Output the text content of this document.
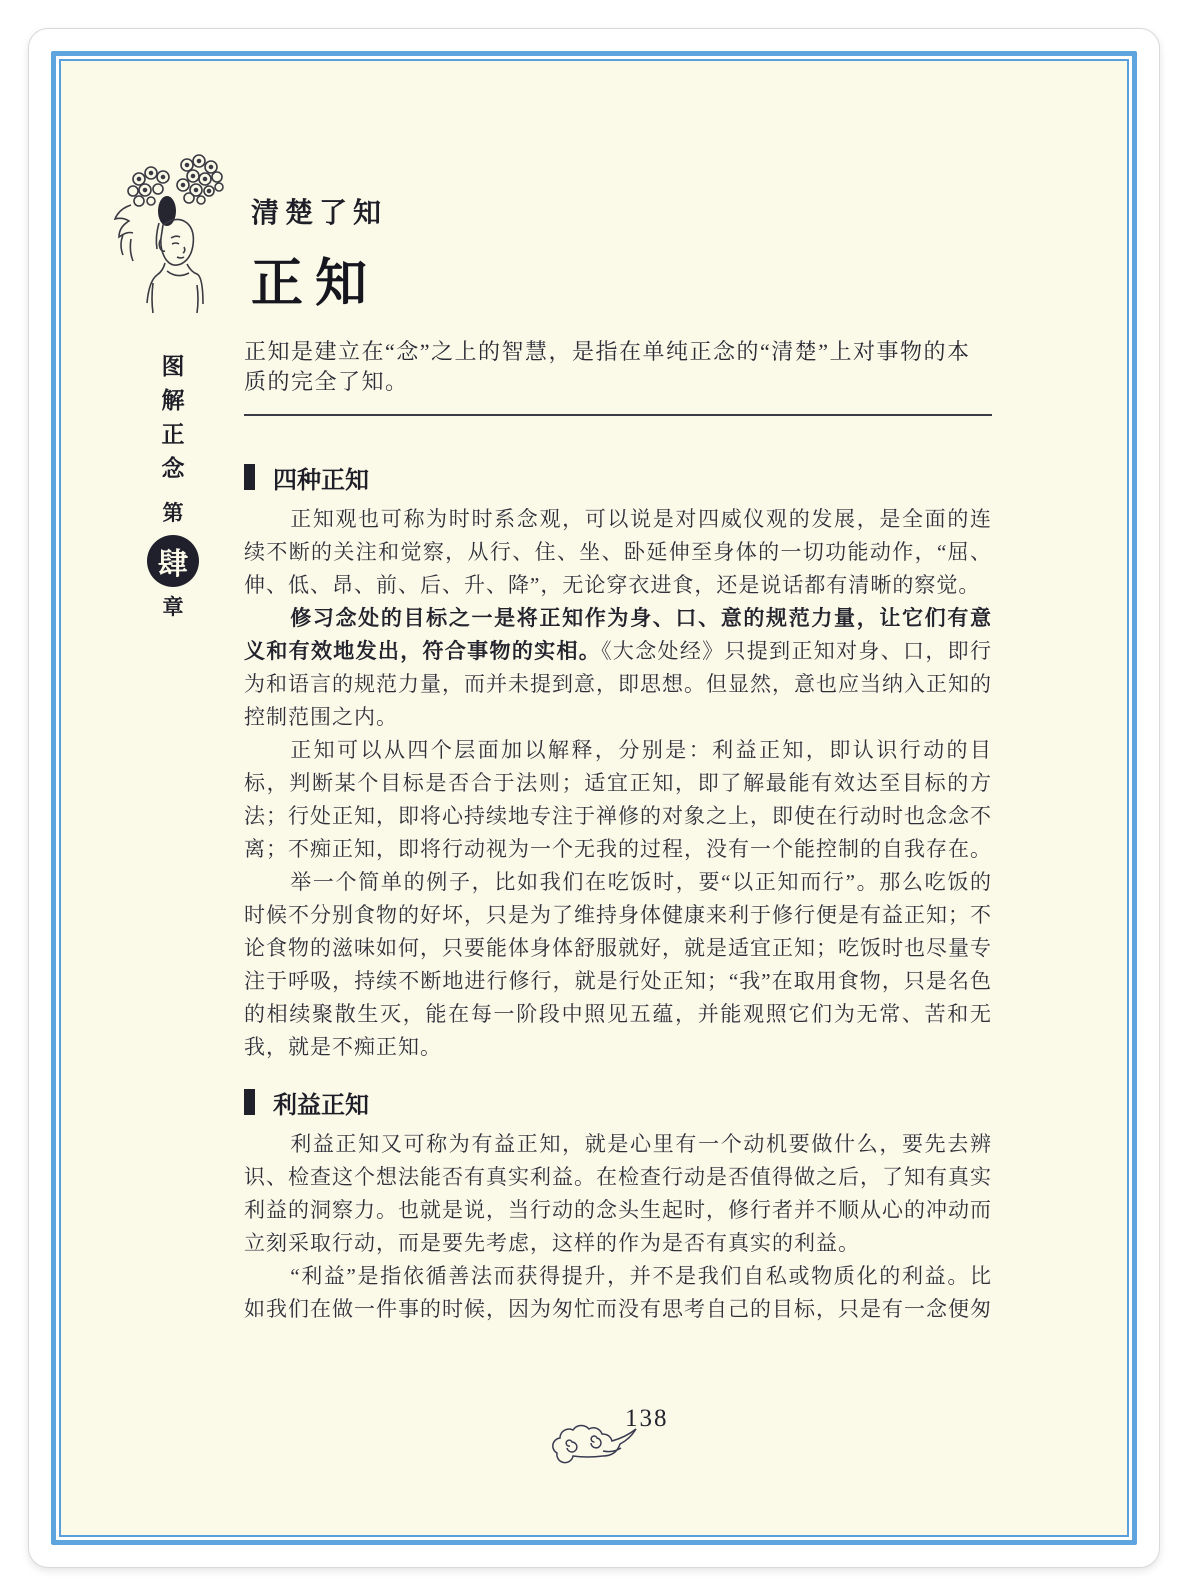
清楚了知
正知
图
解
正
念
第
肆
章
正知是建立在“念”之上的智慧，是指在单纯正念的“清楚”上对事物的本质的完全了知。
四种正知

正知观也可称为时时系念观，可以说是对四威仪观的发展，是全面的连续不断的关注和觉察，从行、住、坐、卧延伸至身体的一切功能动作，“屈、伸、低、昂、前、后、升、降”，无论穿衣进食，还是说话都有清晰的察觉。

修习念处的目标之一是将正知作为身、口、意的规范力量，让它们有意义和有效地发出，符合事物的实相。《大念处经》只提到正知对身、口，即行为和语言的规范力量，而并未提到意，即思想。但显然，意也应当纳入正知的控制范围之内。

正知可以从四个层面加以解释，分别是：利益正知，即认识行动的目标，判断某个目标是否合于法则；适宜正知，即了解最能有效达至目标的方法；行处正知，即将心持续地专注于禅修的对象之上，即使在行动时也念念不离；不痴正知，即将行动视为一个无我的过程，没有一个能控制的自我存在。

举一个简单的例子，比如我们在吃饭时，要“以正知而行”。那么吃饭的时候不分别食物的好坏，只是为了维持身体健康来利于修行便是有益正知；不论食物的滋味如何，只要能体身体舒服就好，就是适宜正知；吃饭时也尽量专注于呼吸，持续不断地进行修行，就是行处正知；“我”在取用食物，只是名色的相续聚散生灭，能在每一阶段中照见五蕴，并能观照它们为无常、苦和无我，就是不痴正知。

利益正知

利益正知又可称为有益正知，就是心里有一个动机要做什么，要先去辨识、检查这个想法能否有真实利益。在检查行动是否值得做之后，了知有真实利益的洞察力。也就是说，当行动的念头生起时，修行者并不顺从心的冲动而立刻采取行动，而是要先考虑，这样的作为是否有真实的利益。

“利益”是指依循善法而获得提升，并不是我们自私或物质化的利益。比如我们在做一件事的时候，因为匆忙而没有思考自己的目标，只是有一念便匆

138
